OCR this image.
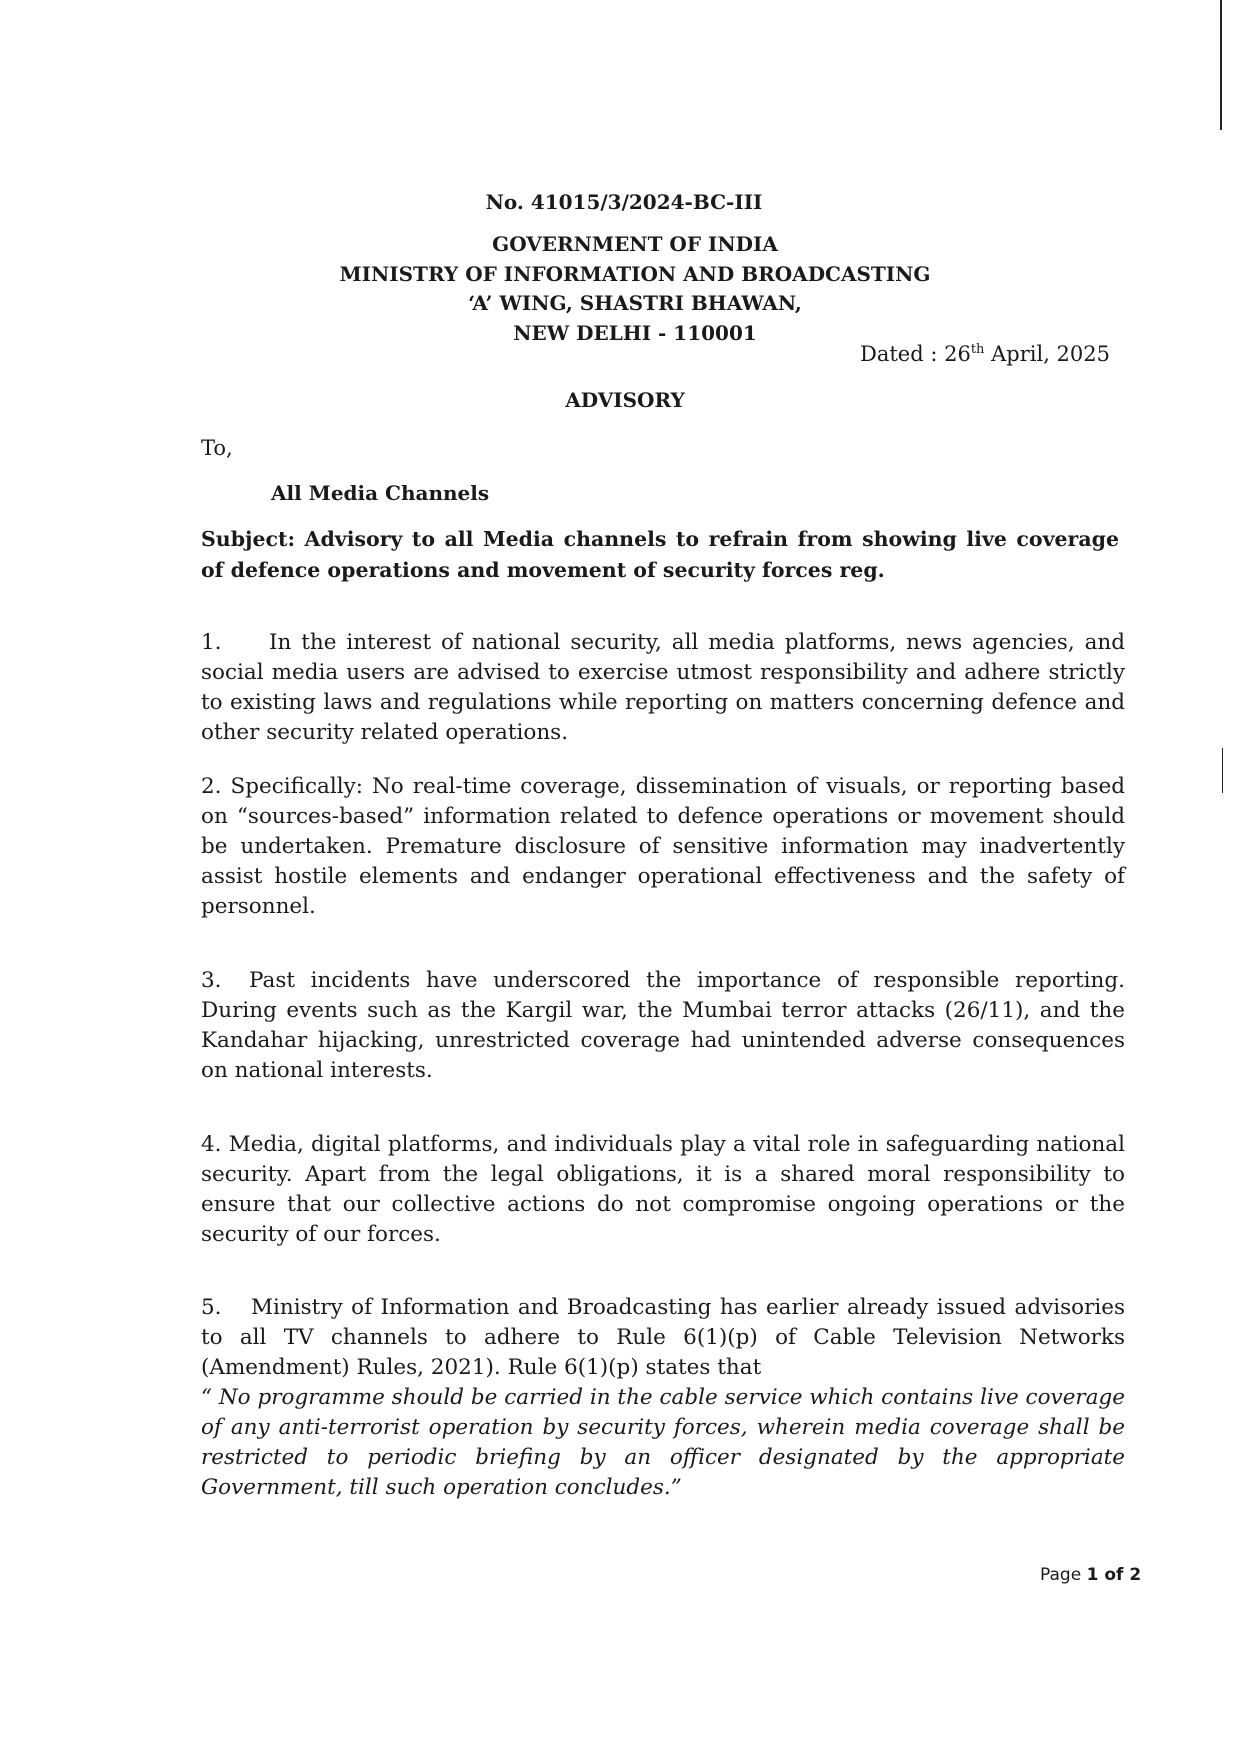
No. 41015/3/2024-BC-III
GOVERNMENT OF INDIA
MINISTRY OF INFORMATION AND BROADCASTING
‘A’ WING, SHASTRI BHAWAN,
NEW DELHI - 110001
Dated : 26th April, 2025
ADVISORY
To,
All Media Channels
Subject: Advisory to all Media channels to refrain from showing live coverage of defence operations and movement of security forces reg.
1. In the interest of national security, all media platforms, news agencies, and social media users are advised to exercise utmost responsibility and adhere strictly to existing laws and regulations while reporting on matters concerning defence and other security related operations.
2. Specifically: No real-time coverage, dissemination of visuals, or reporting based on “sources-based” information related to defence operations or movement should be undertaken. Premature disclosure of sensitive information may inadvertently assist hostile elements and endanger operational effectiveness and the safety of personnel.
3. Past incidents have underscored the importance of responsible reporting. During events such as the Kargil war, the Mumbai terror attacks (26/11), and the Kandahar hijacking, unrestricted coverage had unintended adverse consequences on national interests.
4. Media, digital platforms, and individuals play a vital role in safeguarding national security. Apart from the legal obligations, it is a shared moral responsibility to ensure that our collective actions do not compromise ongoing operations or the security of our forces.
5. Ministry of Information and Broadcasting has earlier already issued advisories to all TV channels to adhere to Rule 6(1)(p) of Cable Television Networks (Amendment) Rules, 2021). Rule 6(1)(p) states that
“ No programme should be carried in the cable service which contains live coverage of any anti-terrorist operation by security forces, wherein media coverage shall be restricted to periodic briefing by an officer designated by the appropriate Government, till such operation concludes.”
Page 1 of 2
